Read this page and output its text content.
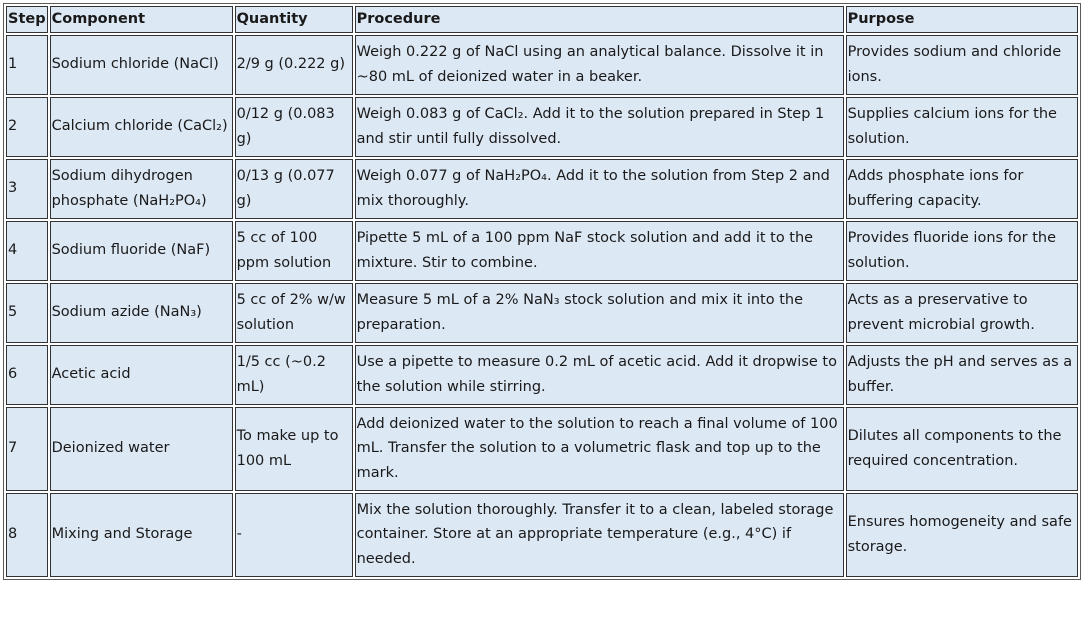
Step	Component	Quantity	Procedure	Purpose
1	Sodium chloride (NaCl)	2/9 g (0.222 g)	Weigh 0.222 g of NaCl using an analytical balance. Dissolve it in ~80 mL of deionized water in a beaker.	Provides sodium and chloride ions.
2	Calcium chloride (CaCl₂)	0/12 g (0.083 g)	Weigh 0.083 g of CaCl₂. Add it to the solution prepared in Step 1 and stir until fully dissolved.	Supplies calcium ions for the solution.
3	Sodium dihydrogen phosphate (NaH₂PO₄)	0/13 g (0.077 g)	Weigh 0.077 g of NaH₂PO₄. Add it to the solution from Step 2 and mix thoroughly.	Adds phosphate ions for buffering capacity.
4	Sodium fluoride (NaF)	5 cc of 100 ppm solution	Pipette 5 mL of a 100 ppm NaF stock solution and add it to the mixture. Stir to combine.	Provides fluoride ions for the solution.
5	Sodium azide (NaN₃)	5 cc of 2% w/w solution	Measure 5 mL of a 2% NaN₃ stock solution and mix it into the preparation.	Acts as a preservative to prevent microbial growth.
6	Acetic acid	1/5 cc (~0.2 mL)	Use a pipette to measure 0.2 mL of acetic acid. Add it dropwise to the solution while stirring.	Adjusts the pH and serves as a buffer.
7	Deionized water	To make up to 100 mL	Add deionized water to the solution to reach a final volume of 100 mL. Transfer the solution to a volumetric flask and top up to the mark.	Dilutes all components to the required concentration.
8	Mixing and Storage	-	Mix the solution thoroughly. Transfer it to a clean, labeled storage container. Store at an appropriate temperature (e.g., 4°C) if needed.	Ensures homogeneity and safe storage.
